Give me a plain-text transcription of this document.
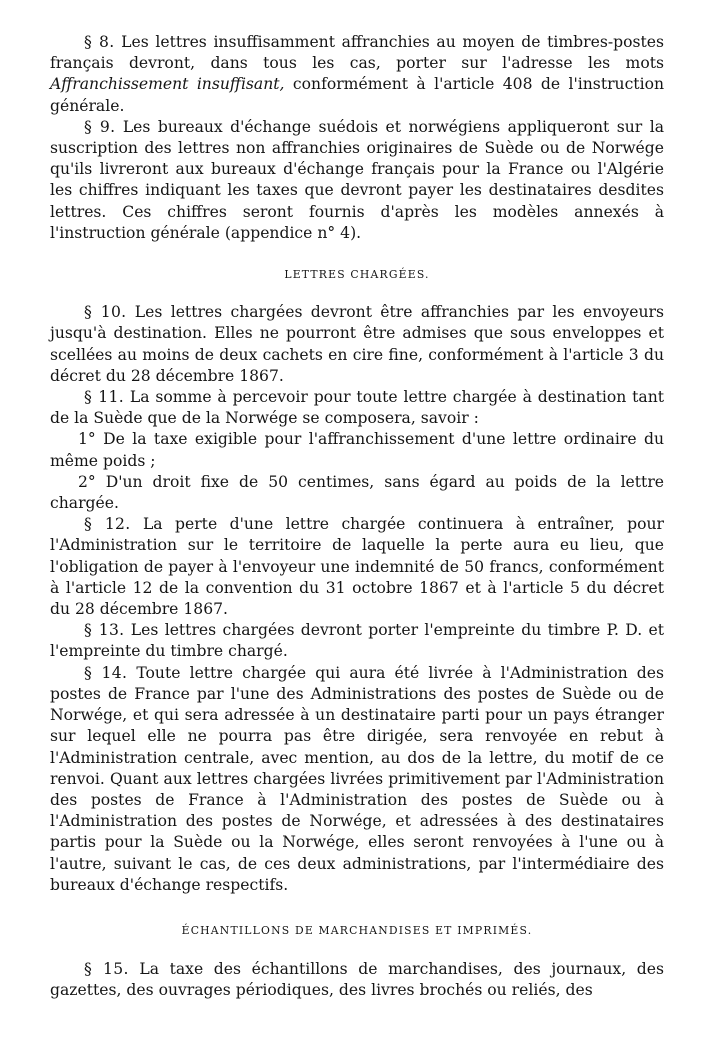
§ 8. Les lettres insuffisamment affranchies au moyen de timbres-postes français devront, dans tous les cas, porter sur l'adresse les mots Affranchissement insuffisant, conformément à l'article 408 de l'instruction générale.

§ 9. Les bureaux d'échange suédois et norwégiens appliqueront sur la suscription des lettres non affranchies originaires de Suède ou de Norwége qu'ils livreront aux bureaux d'échange français pour la France ou l'Algérie les chiffres indiquant les taxes que devront payer les destinataires desdites lettres. Ces chiffres seront fournis d'après les modèles annexés à l'instruction générale (appendice n° 4).

LETTRES CHARGÉES.

§ 10. Les lettres chargées devront être affranchies par les envoyeurs jusqu'à destination. Elles ne pourront être admises que sous enveloppes et scellées au moins de deux cachets en cire fine, conformément à l'article 3 du décret du 28 décembre 1867.

§ 11. La somme à percevoir pour toute lettre chargée à destination tant de la Suède que de la Norwége se composera, savoir :

1° De la taxe exigible pour l'affranchissement d'une lettre ordinaire du même poids ;

2° D'un droit fixe de 50 centimes, sans égard au poids de la lettre chargée.

§ 12. La perte d'une lettre chargée continuera à entraîner, pour l'Administration sur le territoire de laquelle la perte aura eu lieu, que l'obligation de payer à l'envoyeur une indemnité de 50 francs, conformément à l'article 12 de la convention du 31 octobre 1867 et à l'article 5 du décret du 28 décembre 1867.

§ 13. Les lettres chargées devront porter l'empreinte du timbre P. D. et l'empreinte du timbre chargé.

§ 14. Toute lettre chargée qui aura été livrée à l'Administration des postes de France par l'une des Administrations des postes de Suède ou de Norwége, et qui sera adressée à un destinataire parti pour un pays étranger sur lequel elle ne pourra pas être dirigée, sera renvoyée en rebut à l'Administration centrale, avec mention, au dos de la lettre, du motif de ce renvoi. Quant aux lettres chargées livrées primitivement par l'Administration des postes de France à l'Administration des postes de Suède ou à l'Administration des postes de Norwége, et adressées à des destinataires partis pour la Suède ou la Norwége, elles seront renvoyées à l'une ou à l'autre, suivant le cas, de ces deux administrations, par l'intermédiaire des bureaux d'échange respectifs.

ÉCHANTILLONS DE MARCHANDISES ET IMPRIMÉS.

§ 15. La taxe des échantillons de marchandises, des journaux, des gazettes, des ouvrages périodiques, des livres brochés ou reliés, des
